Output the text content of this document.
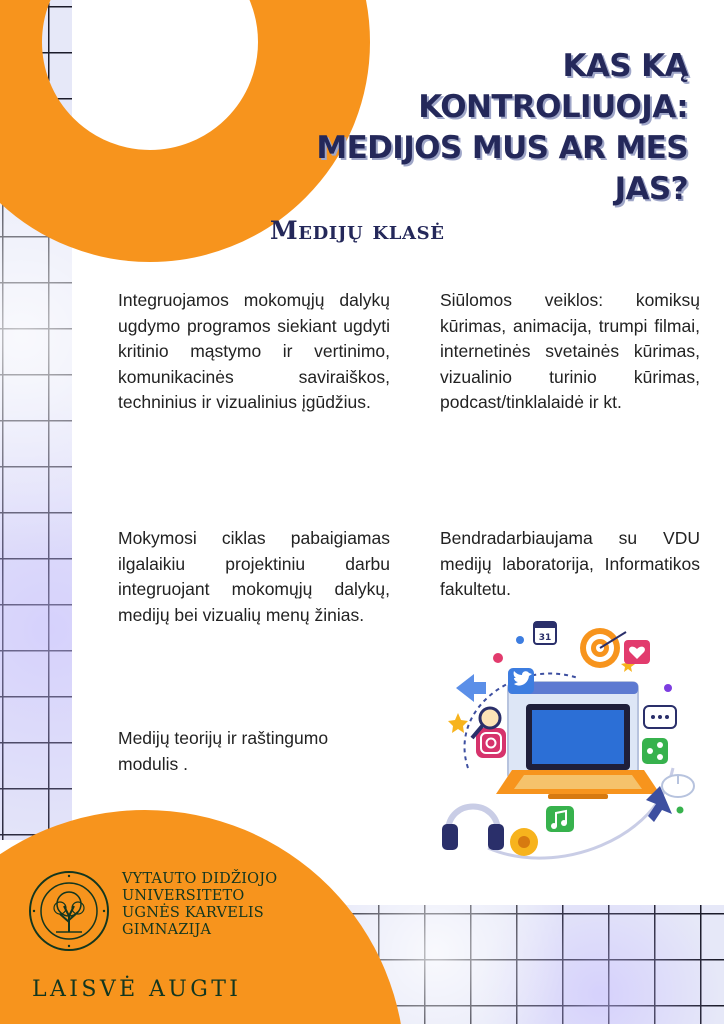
KAS KĄ
KONTROLIUOJA:
MEDIJOS MUS AR MES
JAS?
Medijų klasė

Integruojamos mokomųjų dalykų ugdymo programos siekiant ugdyti kritinio mąstymo ir vertinimo, komunikacinės saviraiškos, techninius ir vizualinius įgūdžius.

Mokymosi ciklas pabaigiamas ilgalaikiu projektiniu darbu integruojant mokomųjų dalykų, medijų bei vizualių menų žinias.

Medijų teorijų ir raštingumo modulis .

Siūlomos veiklos: komiksų kūrimas, animacija, trumpi filmai, internetinės svetainės kūrimas, vizualinio turinio kūrimas, podcast/tinklalaidė ir kt.

Bendradarbiaujama su VDU medijų laboratorija, Informatikos fakultetu.

31
VYTAUTO DIDŽIOJO
UNIVERSITETO
UGNĖS KARVELIS
GIMNAZIJA
LAISVĖ AUGTI
